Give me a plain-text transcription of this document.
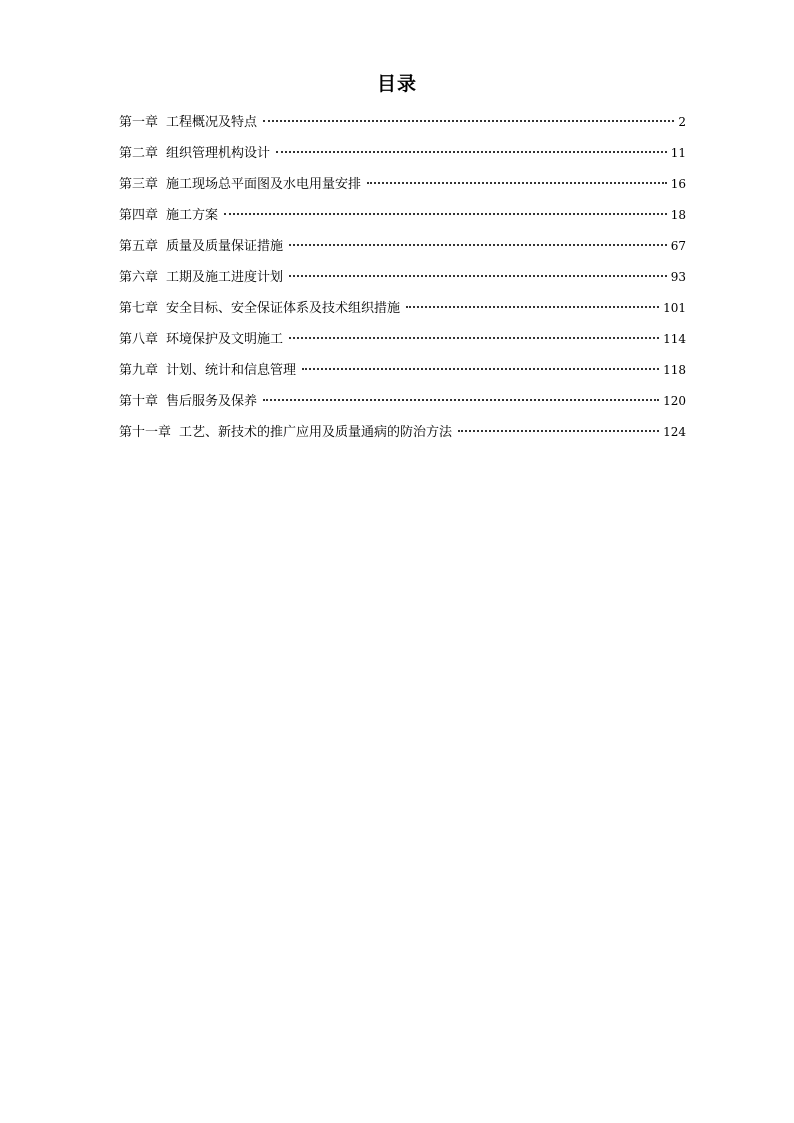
目录
第一章 工程概况及特点	2
第二章 组织管理机构设计	11
第三章 施工现场总平面图及水电用量安排	16
第四章 施工方案	18
第五章 质量及质量保证措施	67
第六章 工期及施工进度计划	93
第七章 安全目标、安全保证体系及技术组织措施	101
第八章 环境保护及文明施工	114
第九章 计划、统计和信息管理	118
第十章 售后服务及保养	120
第十一章 工艺、新技术的推广应用及质量通病的防治方法	124
